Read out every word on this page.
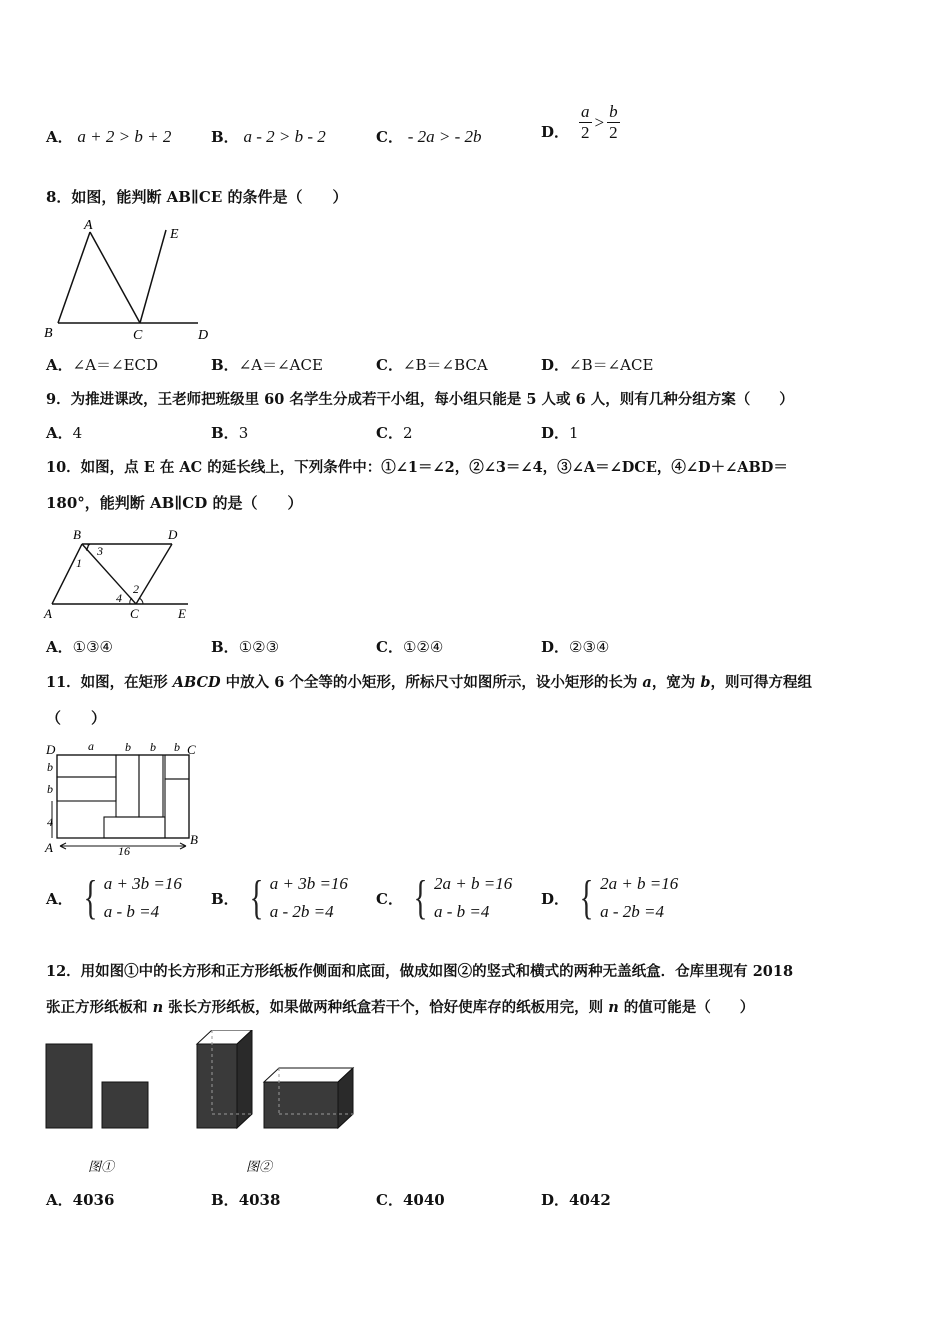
A． a + 2 > b + 2	B． a - 2 > b - 2	C． - 2a > - 2b	D． $\frac{a}{2} > \frac{b}{2}$
8．如图，能判断 AB∥CE 的条件是（　　）
A
B	C	D
E
A．∠A＝∠ECD	B．∠A＝∠ACE	C．∠B＝∠BCA	D．∠B＝∠ACE
9．为推进课改，王老师把班级里 60 名学生分成若干小组，每小组只能是 5 人或 6 人，则有几种分组方案（　　）
A．4	B．3	C．2	D．1
10．如图，点 E 在 AC 的延长线上，下列条件中：①∠1＝∠2，②∠3＝∠4，③∠A＝∠DCE，④∠D＋∠ABD＝
180°，能判断 AB∥CD 的是（　　）
B	D
A	C	E
1
3
2
4
A．①③④	B．①②③	C．①②④	D．②③④
11．如图，在矩形 ABCD 中放入 6 个全等的小矩形，所标尺寸如图所示，设小矩形的长为 a，宽为 b，则可得方程组
（　　）
D	C
A
B
a	b b b
b
b
4
16
A． { a + 3b =16
a - b =4
B． { a + 3b =16
a - 2b =4
C． { 2a + b =16
a - b =4
D． { 2a + b =16
a - 2b =4
12．用如图①中的长方形和正方形纸板作侧面和底面，做成如图②的竖式和横式的两种无盖纸盒．仓库里现有 2018
张正方形纸板和 n 张长方形纸板，如果做两种纸盒若干个，恰好使库存的纸板用完，则 n 的值可能是（　　）
图①	图②
A．4036	B．4038	C．4040	D．4042
